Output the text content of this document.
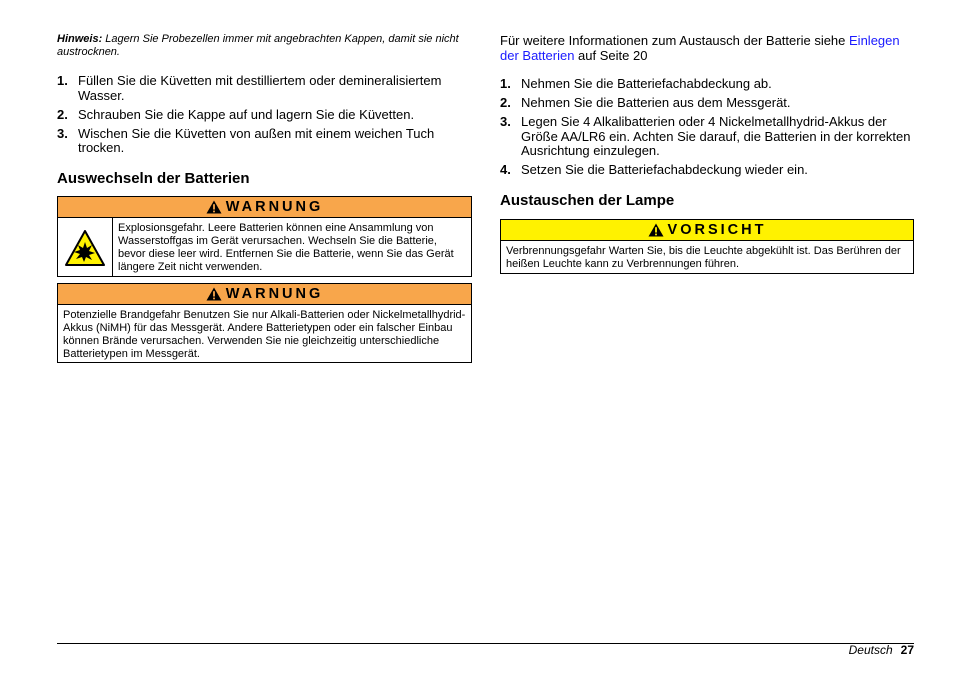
Hinweis: Lagern Sie Probezellen immer mit angebrachten Kappen, damit sie nicht austrocknen.
1. Füllen Sie die Küvetten mit destilliertem oder demineralisiertem Wasser.
2. Schrauben Sie die Kappe auf und lagern Sie die Küvetten.
3. Wischen Sie die Küvetten von außen mit einem weichen Tuch trocken.
Auswechseln der Batterien
WARNUNG
Explosionsgefahr. Leere Batterien können eine Ansammlung von Wasserstoffgas im Gerät verursachen. Wechseln Sie die Batterie, bevor diese leer wird. Entfernen Sie die Batterie, wenn Sie das Gerät längere Zeit nicht verwenden.
WARNUNG
Potenzielle Brandgefahr Benutzen Sie nur Alkali-Batterien oder Nickelmetallhydrid-Akkus (NiMH) für das Messgerät. Andere Batterietypen oder ein falscher Einbau können Brände verursachen. Verwenden Sie nie gleichzeitig unterschiedliche Batterietypen im Messgerät.
Für weitere Informationen zum Austausch der Batterie siehe Einlegen der Batterien auf Seite 20
1. Nehmen Sie die Batteriefachabdeckung ab.
2. Nehmen Sie die Batterien aus dem Messgerät.
3. Legen Sie 4 Alkalibatterien oder 4 Nickelmetallhydrid-Akkus der Größe AA/LR6 ein. Achten Sie darauf, die Batterien in der korrekten Ausrichtung einzulegen.
4. Setzen Sie die Batteriefachabdeckung wieder ein.
Austauschen der Lampe
VORSICHT
Verbrennungsgefahr Warten Sie, bis die Leuchte abgekühlt ist. Das Berühren der heißen Leuchte kann zu Verbrennungen führen.
Deutsch 27
